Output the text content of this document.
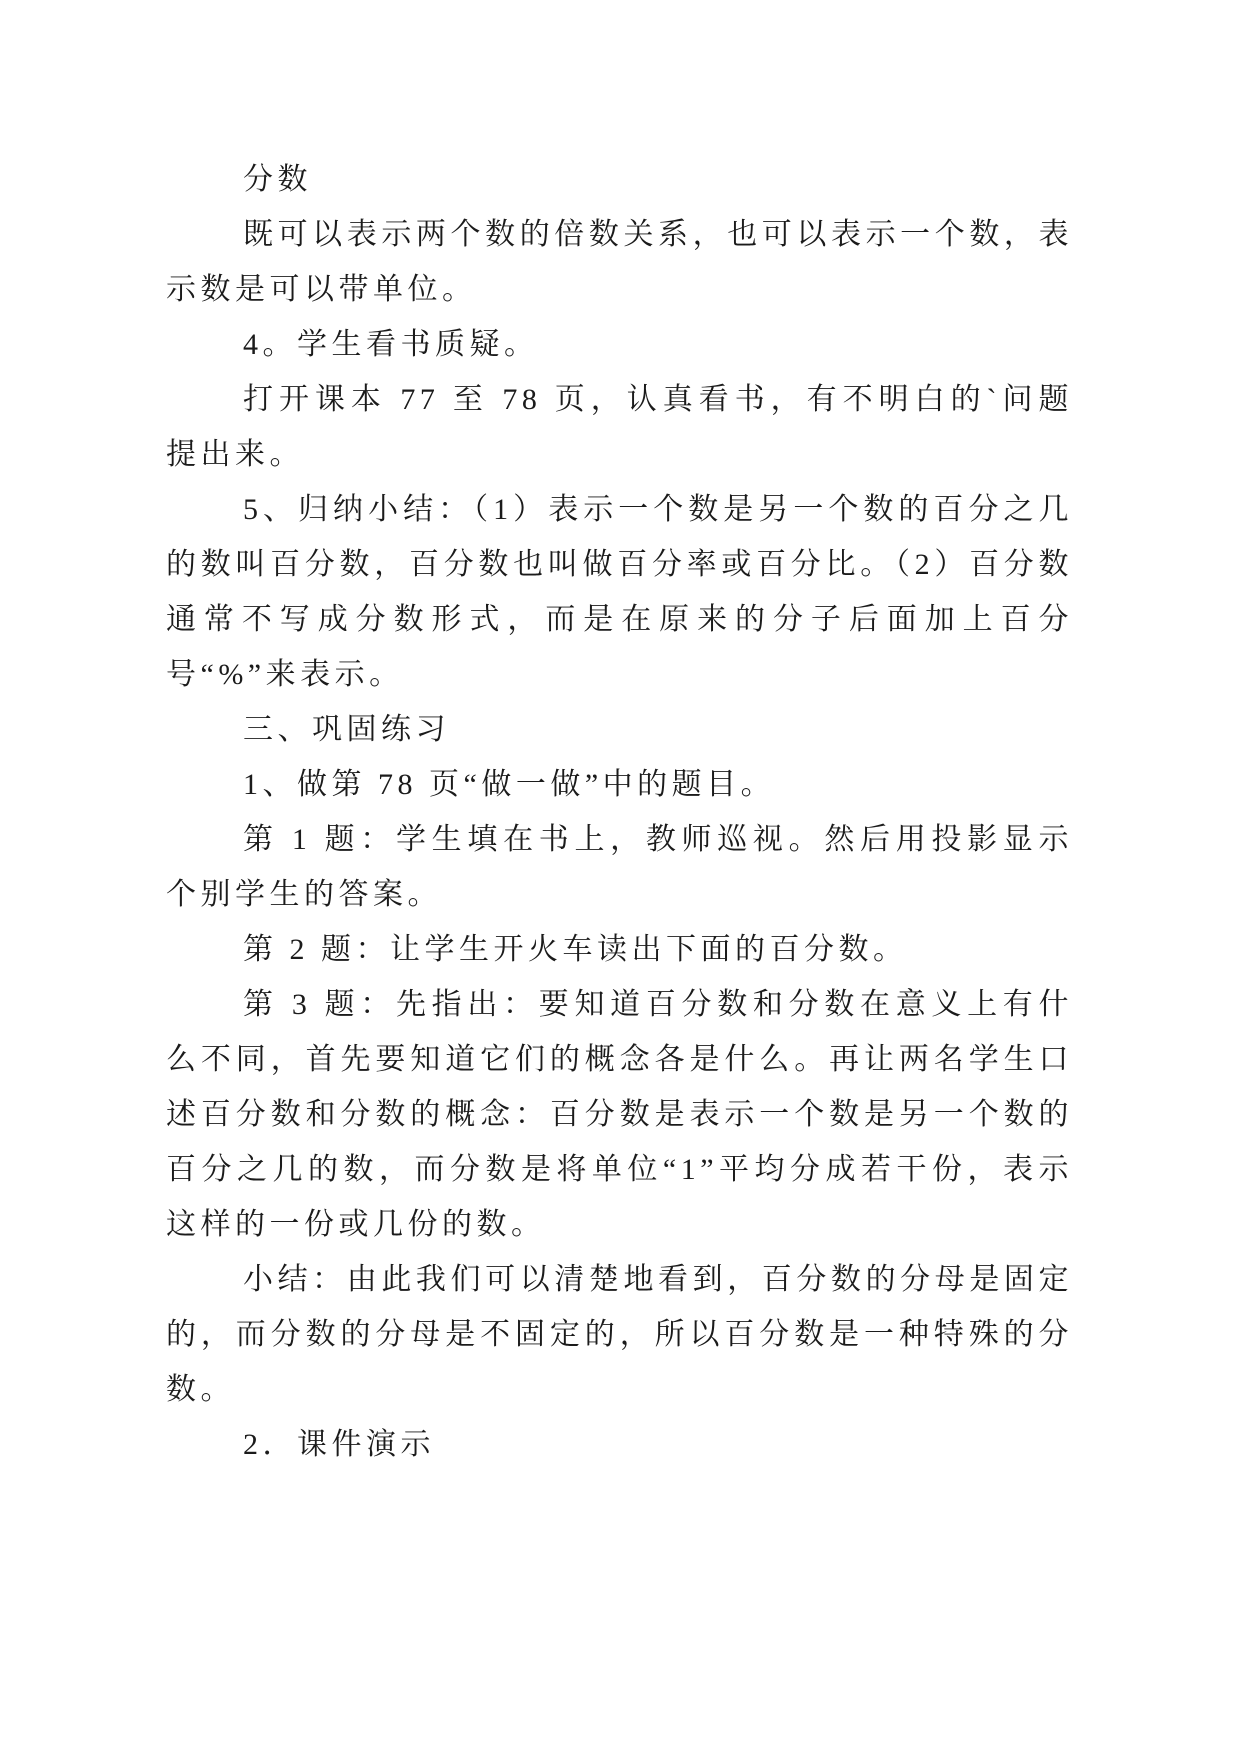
分数

既可以表示两个数的倍数关系，也可以表示一个数，表示数是可以带单位。

4。学生看书质疑。

打开课本 77 至 78 页，认真看书，有不明白的`问题提出来。

5、归纳小结：（1）表示一个数是另一个数的百分之几的数叫百分数，百分数也叫做百分率或百分比。（2）百分数通常不写成分数形式，而是在原来的分子后面加上百分号“%”来表示。

三、巩固练习

1、做第 78 页“做一做”中的题目。

第 1 题：学生填在书上，教师巡视。然后用投影显示个别学生的答案。

第 2 题：让学生开火车读出下面的百分数。

第 3 题：先指出：要知道百分数和分数在意义上有什么不同，首先要知道它们的概念各是什么。再让两名学生口述百分数和分数的概念：百分数是表示一个数是另一个数的百分之几的数，而分数是将单位“1”平均分成若干份，表示这样的一份或几份的数。

小结：由此我们可以清楚地看到，百分数的分母是固定的，而分数的分母是不固定的，所以百分数是一种特殊的分数。

2．课件演示
